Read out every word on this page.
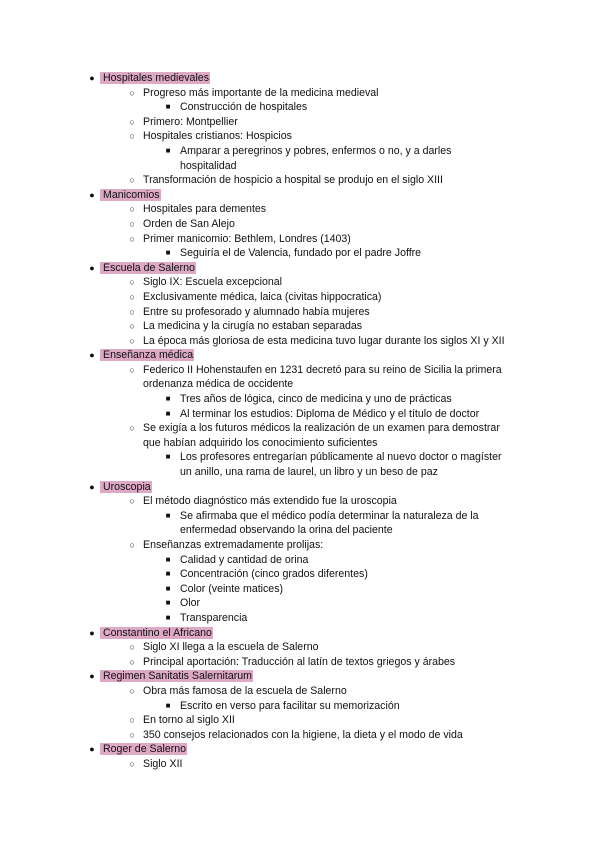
● Hospitales medievales
○ Progreso más importante de la medicina medieval
■ Construcción de hospitales
○ Primero: Montpellier
○ Hospitales cristianos: Hospicios
■ Amparar a peregrinos y pobres, enfermos o no, y a darles
hospitalidad
○ Transformación de hospicio a hospital se produjo en el siglo XIII
● Manicomios
○ Hospitales para dementes
○ Orden de San Alejo
○ Primer manicomio: Bethlem, Londres (1403)
■ Seguiría el de Valencia, fundado por el padre Joffre
● Escuela de Salerno
○ Siglo IX: Escuela excepcional
○ Exclusivamente médica, laica (civitas hippocratica)
○ Entre su profesorado y alumnado había mujeres
○ La medicina y la cirugía no estaban separadas
○ La época más gloriosa de esta medicina tuvo lugar durante los siglos XI y XII
● Enseñanza médica
○ Federico II Hohenstaufen en 1231 decretó para su reino de Sicilia la primera
ordenanza médica de occidente
■ Tres años de lógica, cinco de medicina y uno de prácticas
■ Al terminar los estudios: Diploma de Médico y el título de doctor
○ Se exigía a los futuros médicos la realización de un examen para demostrar
que habían adquirido los conocimiento suficientes
■ Los profesores entregarían públicamente al nuevo doctor o magíster
un anillo, una rama de laurel, un libro y un beso de paz
● Uroscopia
○ El método diagnóstico más extendido fue la uroscopia
■ Se afirmaba que el médico podía determinar la naturaleza de la
enfermedad observando la orina del paciente
○ Enseñanzas extremadamente prolijas:
■ Calidad y cantidad de orina
■ Concentración (cinco grados diferentes)
■ Color (veinte matices)
■ Olor
■ Transparencia
● Constantino el Africano
○ Siglo XI llega a la escuela de Salerno
○ Principal aportación: Traducción al latín de textos griegos y árabes
● Regimen Sanitatis Salernitarum
○ Obra más famosa de la escuela de Salerno
■ Escrito en verso para facilitar su memorización
○ En torno al siglo XII
○ 350 consejos relacionados con la higiene, la dieta y el modo de vida
● Roger de Salerno
○ Siglo XII
